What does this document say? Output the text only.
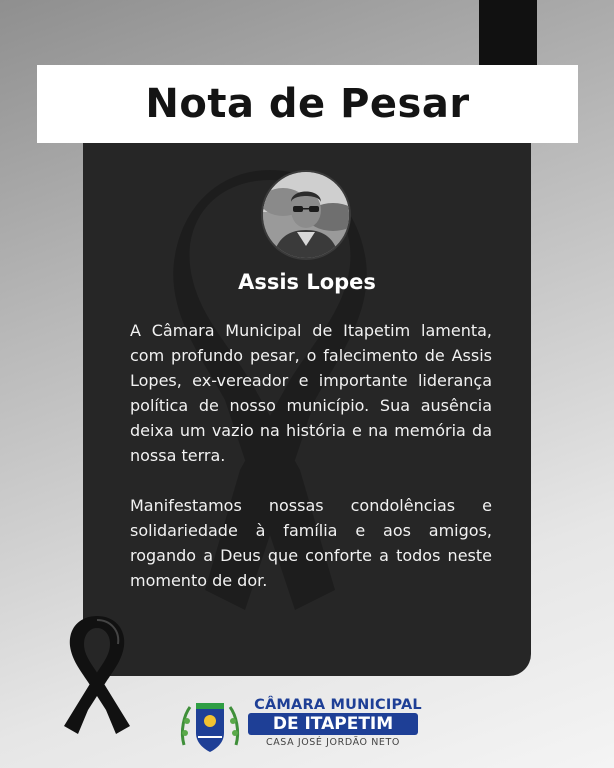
Nota de Pesar
Assis Lopes

A Câmara Municipal de Itapetim lamenta, com profundo pesar, o falecimento de Assis Lopes, ex-vereador e importante liderança política de nosso município. Sua ausência deixa um vazio na história e na memória da nossa terra.

Manifestamos nossas condolências e solidariedade à família e aos amigos, rogando a Deus que conforte a todos neste momento de dor.

CÂMARA MUNICIPAL
DE ITAPETIM
CASA JOSÉ JORDÃO NETO
